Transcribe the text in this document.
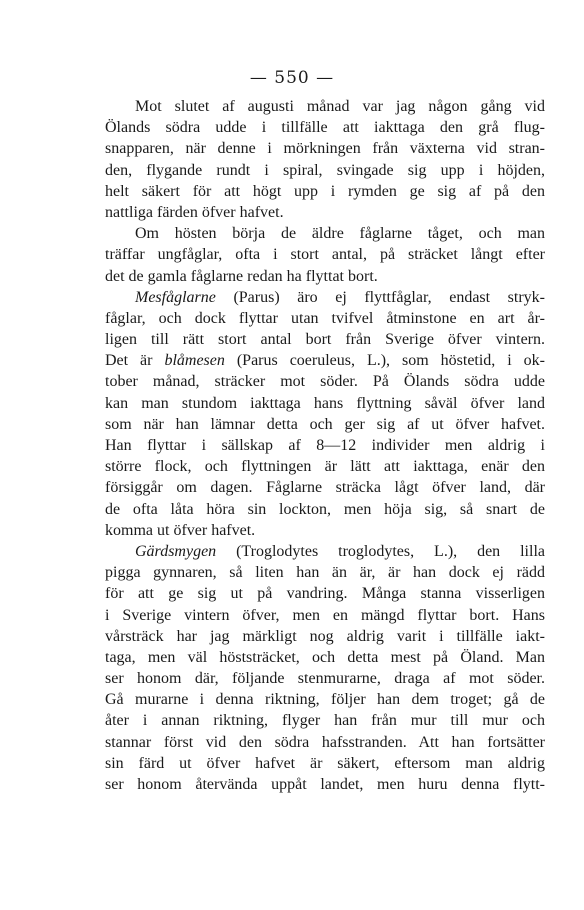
— 550 —
Mot slutet af augusti månad var jag någon gång vid
Ölands södra udde i tillfälle att iakttaga den grå flug-
snapparen, när denne i mörkningen från växterna vid stran-
den, flygande rundt i spiral, svingade sig upp i höjden,
helt säkert för att högt upp i rymden ge sig af på den
nattliga färden öfver hafvet.
Om hösten börja de äldre fåglarne tåget, och man
träffar ungfåglar, ofta i stort antal, på sträcket långt efter
det de gamla fåglarne redan ha flyttat bort.
Mesfåglarne (Parus) äro ej flyttfåglar, endast stryk-
fåglar, och dock flyttar utan tvifvel åtminstone en art år-
ligen till rätt stort antal bort från Sverige öfver vintern.
Det är blåmesen (Parus coeruleus, L.), som höstetid, i ok-
tober månad, sträcker mot söder. På Ölands södra udde
kan man stundom iakttaga hans flyttning såväl öfver land
som när han lämnar detta och ger sig af ut öfver hafvet.
Han flyttar i sällskap af 8—12 individer men aldrig i
större flock, och flyttningen är lätt att iakttaga, enär den
försiggår om dagen. Fåglarne sträcka lågt öfver land, där
de ofta låta höra sin lockton, men höja sig, så snart de
komma ut öfver hafvet.
Gärdsmygen (Troglodytes troglodytes, L.), den lilla
pigga gynnaren, så liten han än är, är han dock ej rädd
för att ge sig ut på vandring. Många stanna visserligen
i Sverige vintern öfver, men en mängd flyttar bort. Hans
vårsträck har jag märkligt nog aldrig varit i tillfälle iakt-
taga, men väl höststräcket, och detta mest på Öland. Man
ser honom där, följande stenmurarne, draga af mot söder.
Gå murarne i denna riktning, följer han dem troget; gå de
åter i annan riktning, flyger han från mur till mur och
stannar först vid den södra hafsstranden. Att han fortsätter
sin färd ut öfver hafvet är säkert, eftersom man aldrig
ser honom återvända uppåt landet, men huru denna flytt-
